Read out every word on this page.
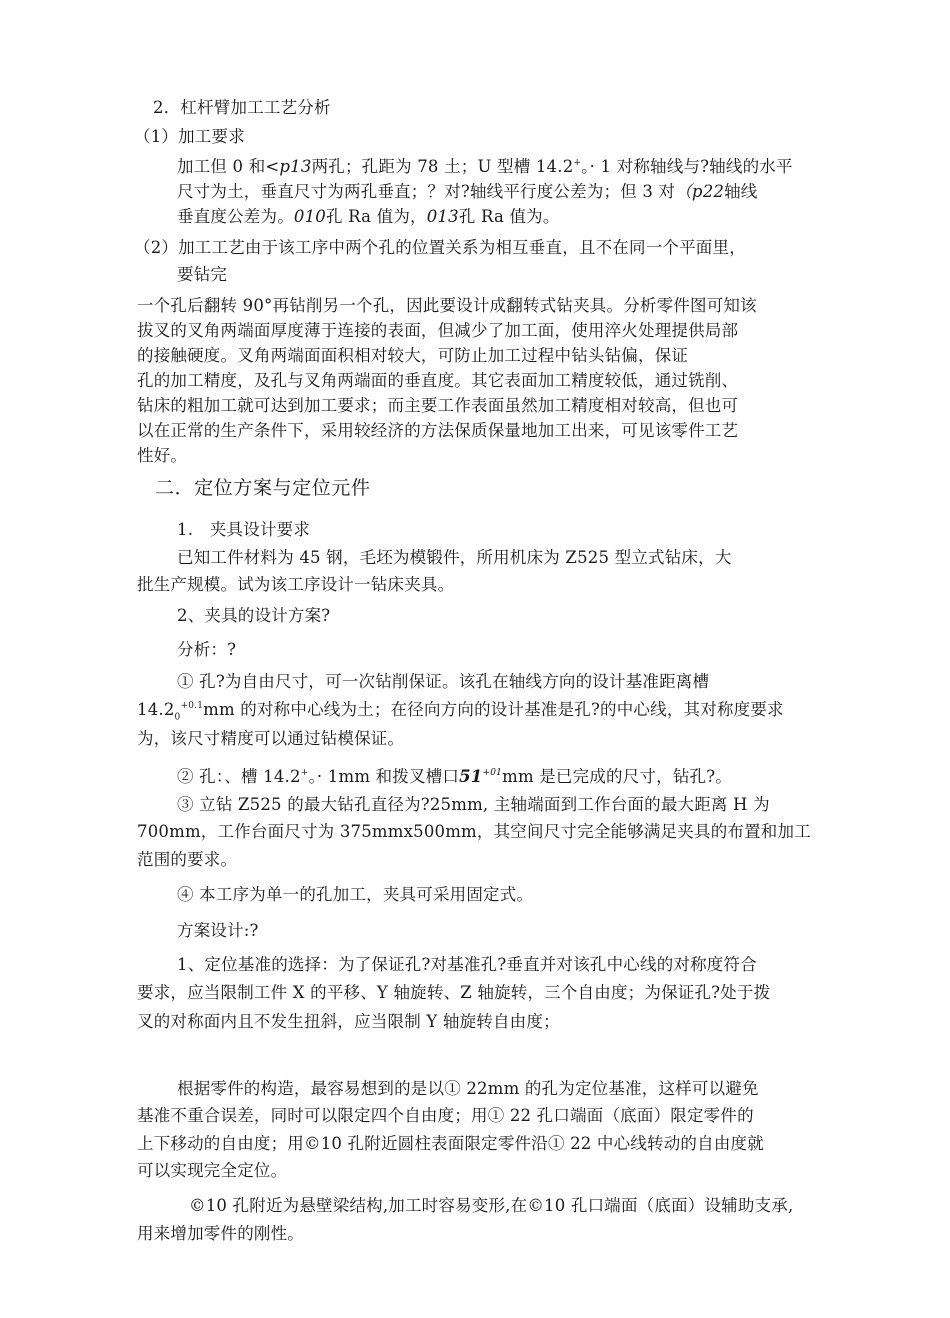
2．杠杆臂加工工艺分析
（1）加工要求
加工但 0 和<p13两孔；孔距为 78 土；U 型槽 14.2+。· 1 对称轴线与?轴线的水平
尺寸为土，垂直尺寸为两孔垂直；？对?轴线平行度公差为；但 3 对（p22轴线
垂直度公差为。010孔 Ra 值为，013孔 Ra 值为。
（2）加工工艺由于该工序中两个孔的位置关系为相互垂直，且不在同一个平面里，
要钻完
一个孔后翻转 90°再钻削另一个孔，因此要设计成翻转式钻夹具。分析零件图可知该
拔叉的叉角两端面厚度薄于连接的表面，但减少了加工面，使用淬火处理提供局部
的接触硬度。叉角两端面面积相对较大，可防止加工过程中钻头钻偏，保证
孔的加工精度，及孔与叉角两端面的垂直度。其它表面加工精度较低，通过铣削、
钻床的粗加工就可达到加工要求；而主要工作表面虽然加工精度相对较高，但也可
以在正常的生产条件下，采用较经济的方法保质保量地加工出来，可见该零件工艺
性好。
二．定位方案与定位元件
1.　夹具设计要求
已知工件材料为 45 钢，毛坯为模锻件，所用机床为 Z525 型立式钻床，大
批生产规模。试为该工序设计一钻床夹具。
2、夹具的设计方案?
分析：?
① 孔?为自由尺寸，可一次钻削保证。该孔在轴线方向的设计基准距离槽
$14.2_0^{+0.1}mm$ 的对称中心线为土；在径向方向的设计基准是孔?的中心线，其对称度要求
为，该尺寸精度可以通过钻模保证。
② 孔：、槽 14.2+。· 1mm 和拨叉槽口$51^{+01}mm$ 是已完成的尺寸，钻孔?。
③ 立钻 Z525 的最大钻孔直径为?25mm, 主轴端面到工作台面的最大距离 H 为
700mm，工作台面尺寸为 375mmx500mm，其空间尺寸完全能够满足夹具的布置和加工
范围的要求。
④ 本工序为单一的孔加工，夹具可采用固定式。
方案设计:?
1、定位基准的选择：为了保证孔?对基准孔?垂直并对该孔中心线的对称度符合
要求，应当限制工件 X 的平移、Y 轴旋转、Z 轴旋转，三个自由度；为保证孔?处于拨
叉的对称面内且不发生扭斜，应当限制 Y 轴旋转自由度；
根据零件的构造，最容易想到的是以① 22mm 的孔为定位基准，这样可以避免
基准不重合误差，同时可以限定四个自由度；用① 22 孔口端面（底面）限定零件的
上下移动的自由度；用©10 孔附近圆柱表面限定零件沿① 22 中心线转动的自由度就
可以实现完全定位。
©10 孔附近为悬壁梁结构,加工时容易变形,在©10 孔口端面（底面）设辅助支承,
用来增加零件的刚性。
